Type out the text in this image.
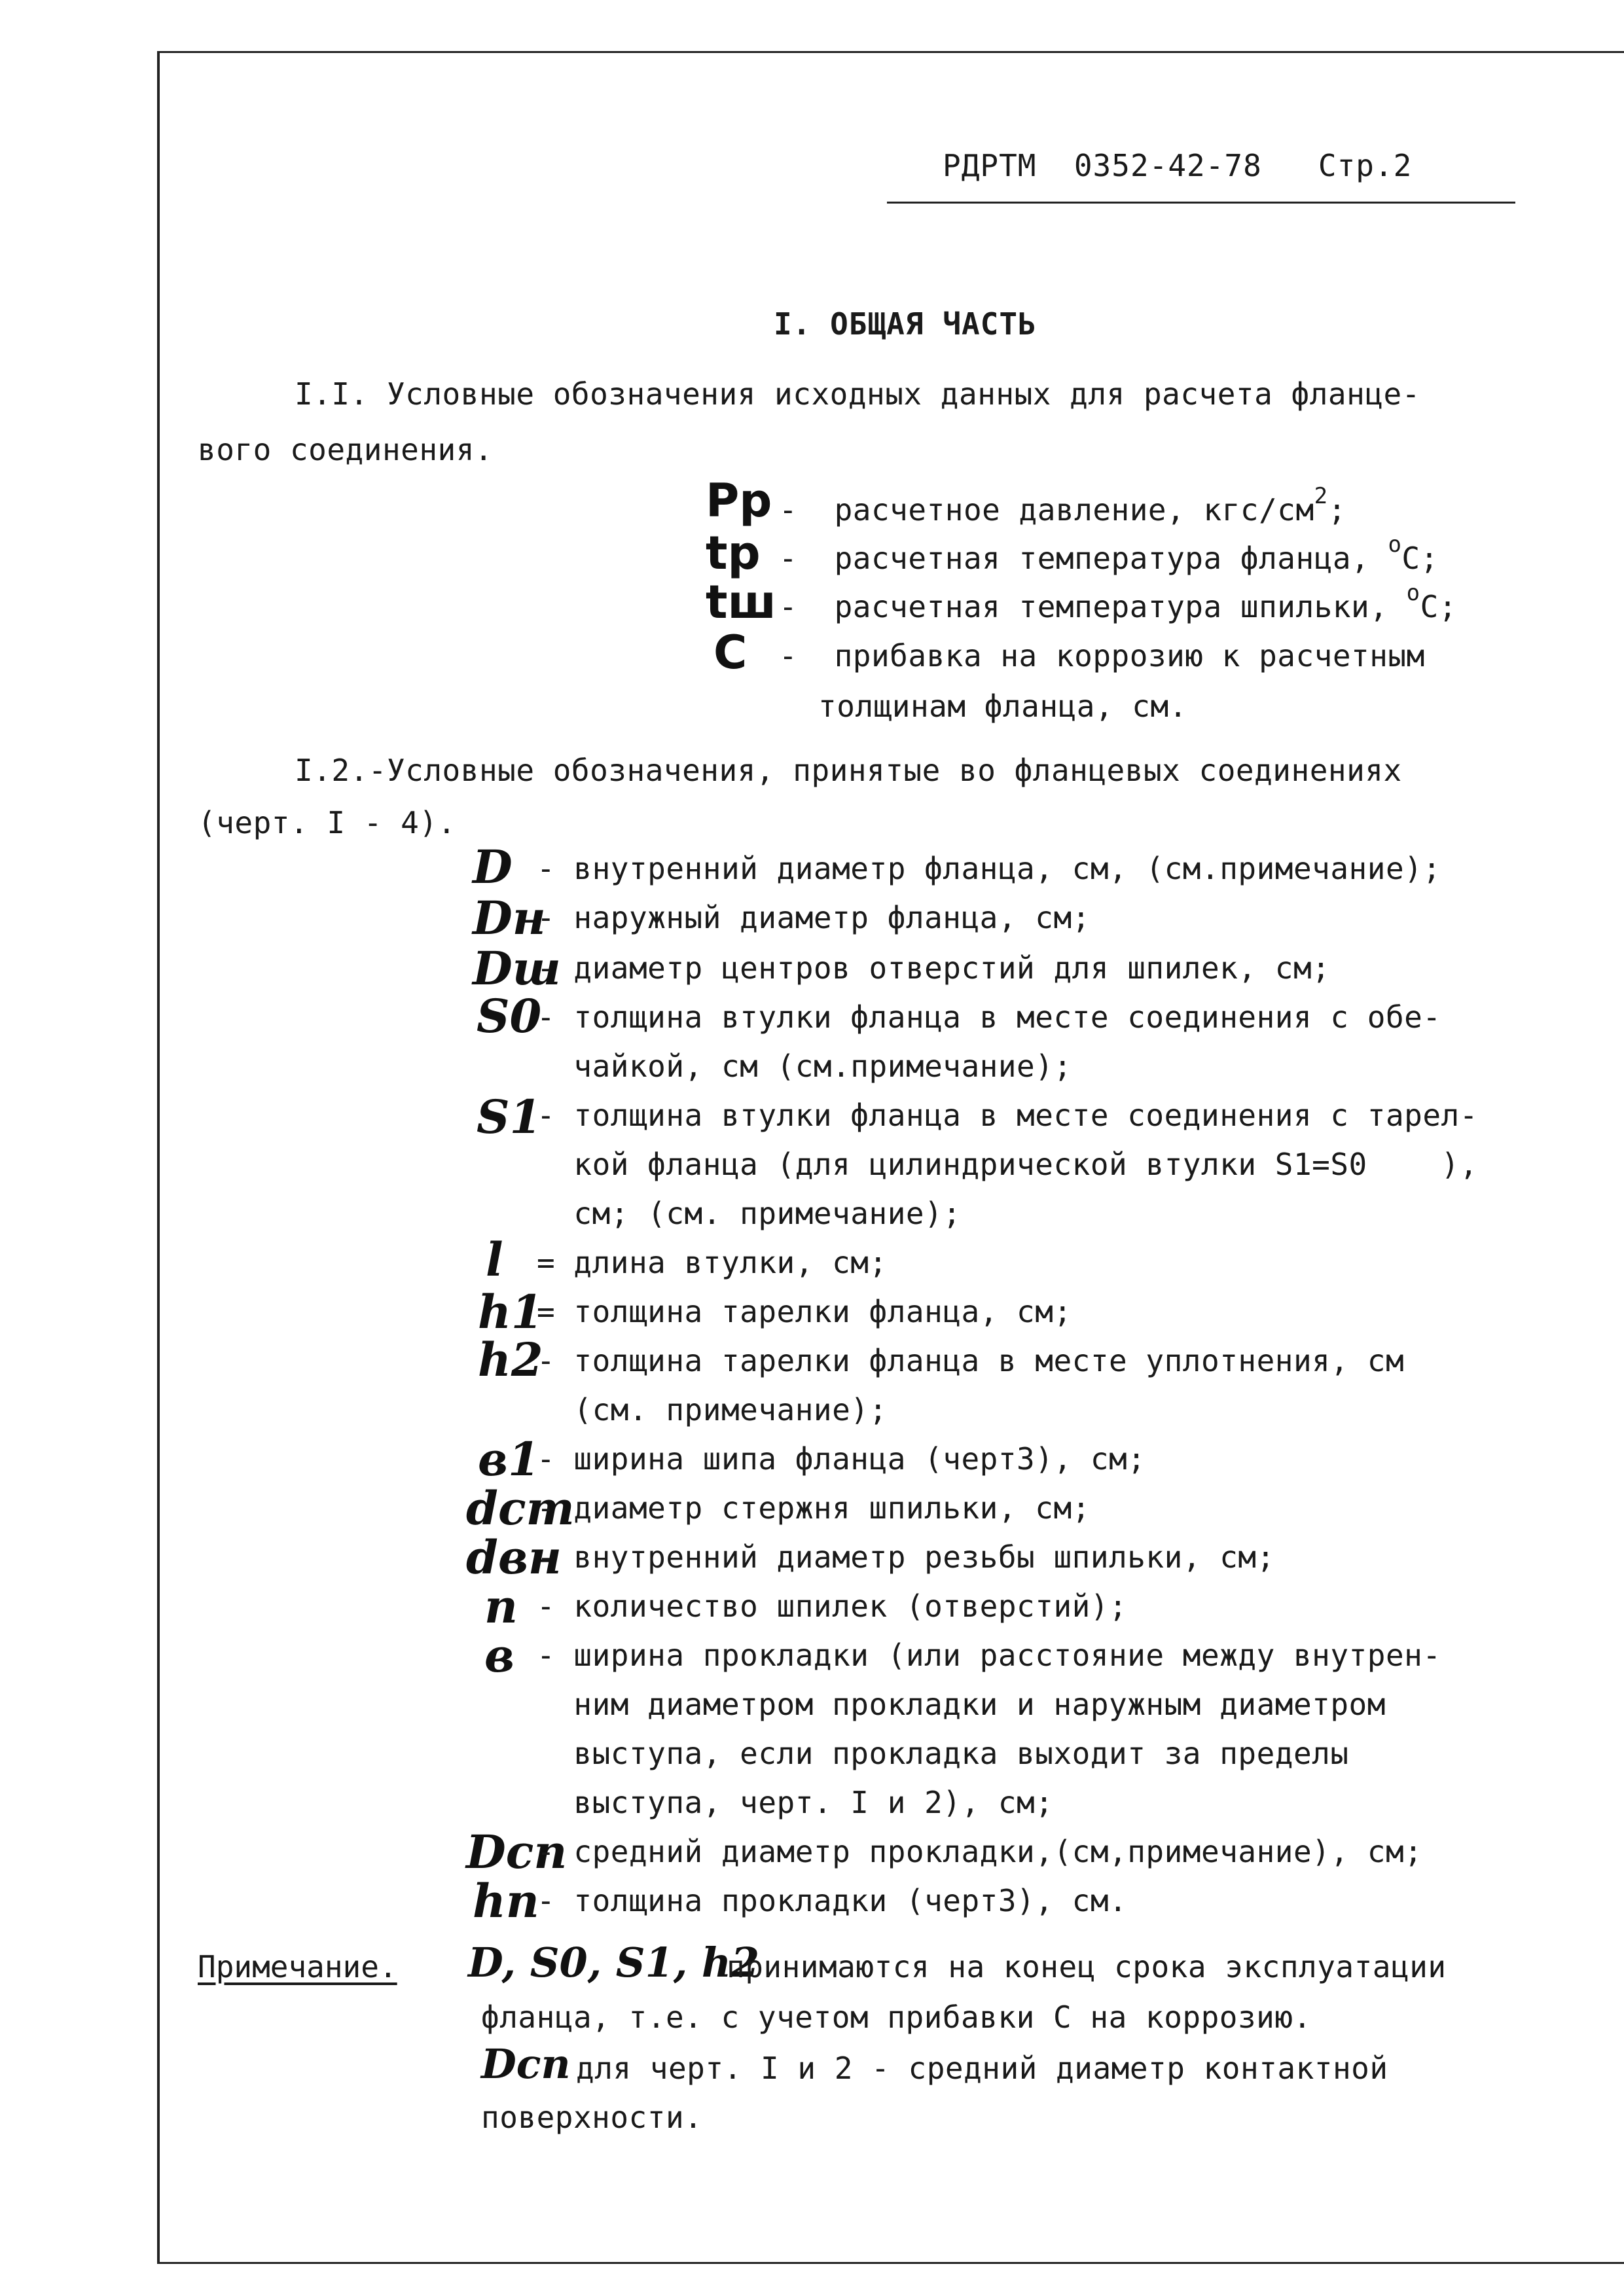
РДРТМ  0352-42-78   Стр.2
I. ОБЩАЯ ЧАСТЬ
I.I. Условные обозначения исходных данных для расчета фланце-
вого соединения.
Pр
tр
tш
C
- расчетное давление, кгс/$см^2$;
- расчетная температура фланца, $^о$С;
- расчетная температура шпильки, $^о$С;
- прибавка на коррозию к расчетным
толщинам фланца, см.
I.2.-Условные обозначения, принятые во фланцевых соединениях
(черт. I - 4).
D - внутренний диаметр фланца, см, (см.примечание);
Dн
- наружный диаметр фланца, см;
Dш
- диаметр центров отверстий для шпилек, см;
S0
- толщина втулки фланца в месте соединения с обе-
чайкой, см (см.примечание);
S1
- толщина втулки фланца в месте соединения с тарел-
кой фланца (для цилиндрической втулки S1=S0    ),
см; (см. примечание);
l = длина втулки, см;
h1
= толщина тарелки фланца, см;
h2
- толщина тарелки фланца в месте уплотнения, см
(см. примечание);
в1
- ширина шипа фланца (черт3), см;
dст
- диаметр стержня шпильки, см;
dвн
- внутренний диаметр резьбы шпильки, см;
n - количество шпилек (отверстий);
в - ширина прокладки (или расстояние между внутрен-
ним диаметром прокладки и наружным диаметром
выступа, если прокладка выходит за пределы
выступа, черт. I и 2), см;
Dсп
- средний диаметр прокладки,(см,примечание), см;
hп
- толщина прокладки (черт3), см.
Примечание. D, S0, S1, h2
принимаются на конец срока эксплуатации
фланца, т.е. с учетом прибавки С на коррозию.
Dсп для черт. I и 2 - средний диаметр контактной
поверхности.
